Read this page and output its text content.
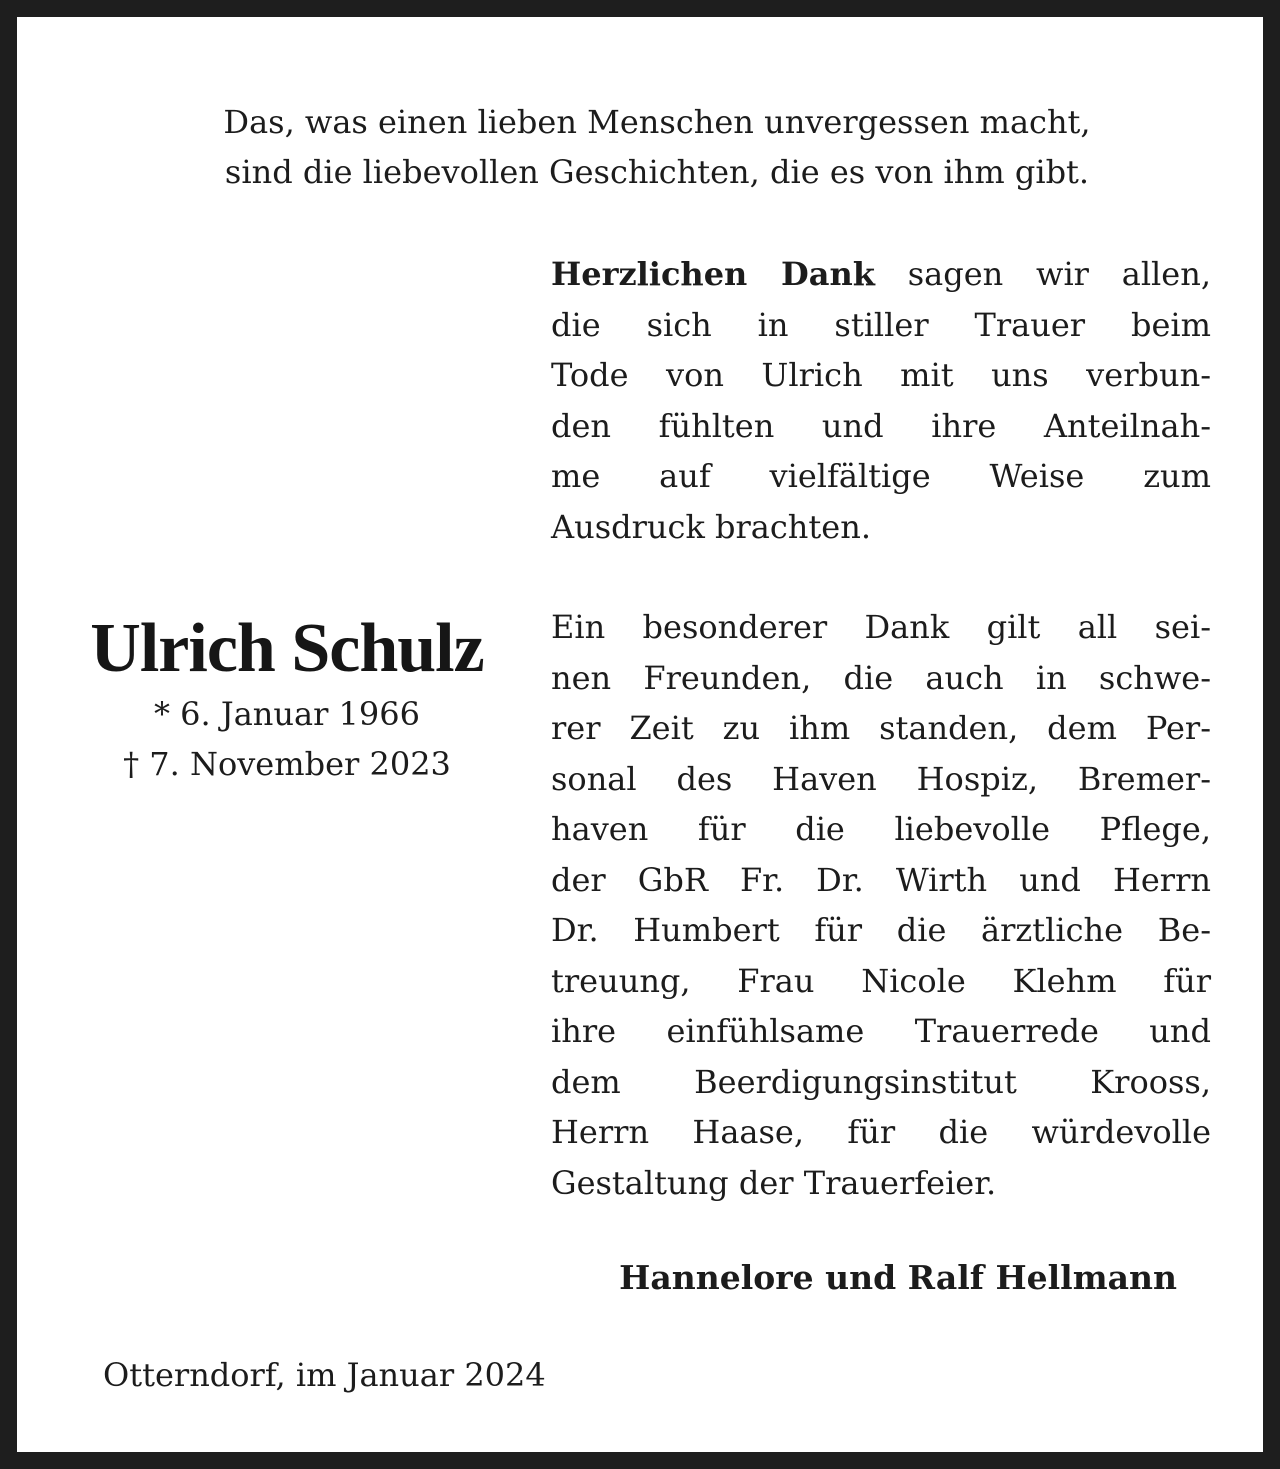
Das, was einen lieben Menschen unvergessen macht,
sind die liebevollen Geschichten, die es von ihm gibt.
Herzlichen Dank sagen wir allen,
die sich in stiller Trauer beim
Tode von Ulrich mit uns verbun-
den fühlten und ihre Anteilnah-
me auf vielfältige Weise zum
Ausdruck brachten.
Ulrich Schulz
* 6. Januar 1966
† 7. November 2023
Ein besonderer Dank gilt all sei-
nen Freunden, die auch in schwe-
rer Zeit zu ihm standen, dem Per-
sonal des Haven Hospiz, Bremer-
haven für die liebevolle Pflege,
der GbR Fr. Dr. Wirth und Herrn
Dr. Humbert für die ärztliche Be-
treuung, Frau Nicole Klehm für
ihre einfühlsame Trauerrede und
dem Beerdigungsinstitut Krooss,
Herrn Haase, für die würdevolle
Gestaltung der Trauerfeier.
Hannelore und Ralf Hellmann
Otterndorf, im Januar 2024
